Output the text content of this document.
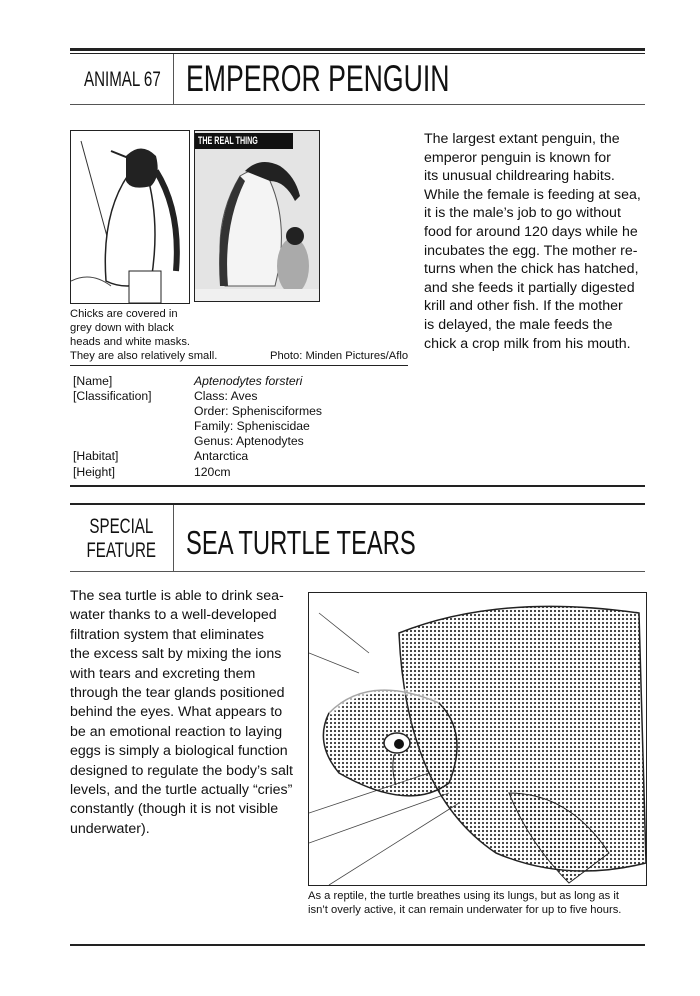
ANIMAL 67 EMPEROR PENGUIN
THE REAL THING
Chicks are covered in
grey down with black
heads and white masks.
They are also relatively small.	Photo: Minden Pictures/Aflo
The largest extant penguin, the
emperor penguin is known for
its unusual childrearing habits.
While the female is feeding at sea,
it is the male’s job to go without
food for around 120 days while he
incubates the egg. The mother re-
turns when the chick has hatched,
and she feeds it partially digested
krill and other fish. If the mother
is delayed, the male feeds the
chick a crop milk from his mouth.
[Name]	Aptenodytes forsteri
[Classification]	Class: Aves

Order: Sphenisciformes

Family: Spheniscidae

Genus: Aptenodytes
[Habitat]	Antarctica
[Height]	120cm
SPECIAL
FEATURE SEA TURTLE TEARS
The sea turtle is able to drink sea-
water thanks to a well-developed
filtration system that eliminates
the excess salt by mixing the ions
with tears and excreting them
through the tear glands positioned
behind the eyes. What appears to
be an emotional reaction to laying
eggs is simply a biological function
designed to regulate the body’s salt
levels, and the turtle actually “cries”
constantly (though it is not visible
underwater).
As a reptile, the turtle breathes using its lungs, but as long as it
isn’t overly active, it can remain underwater for up to five hours.
